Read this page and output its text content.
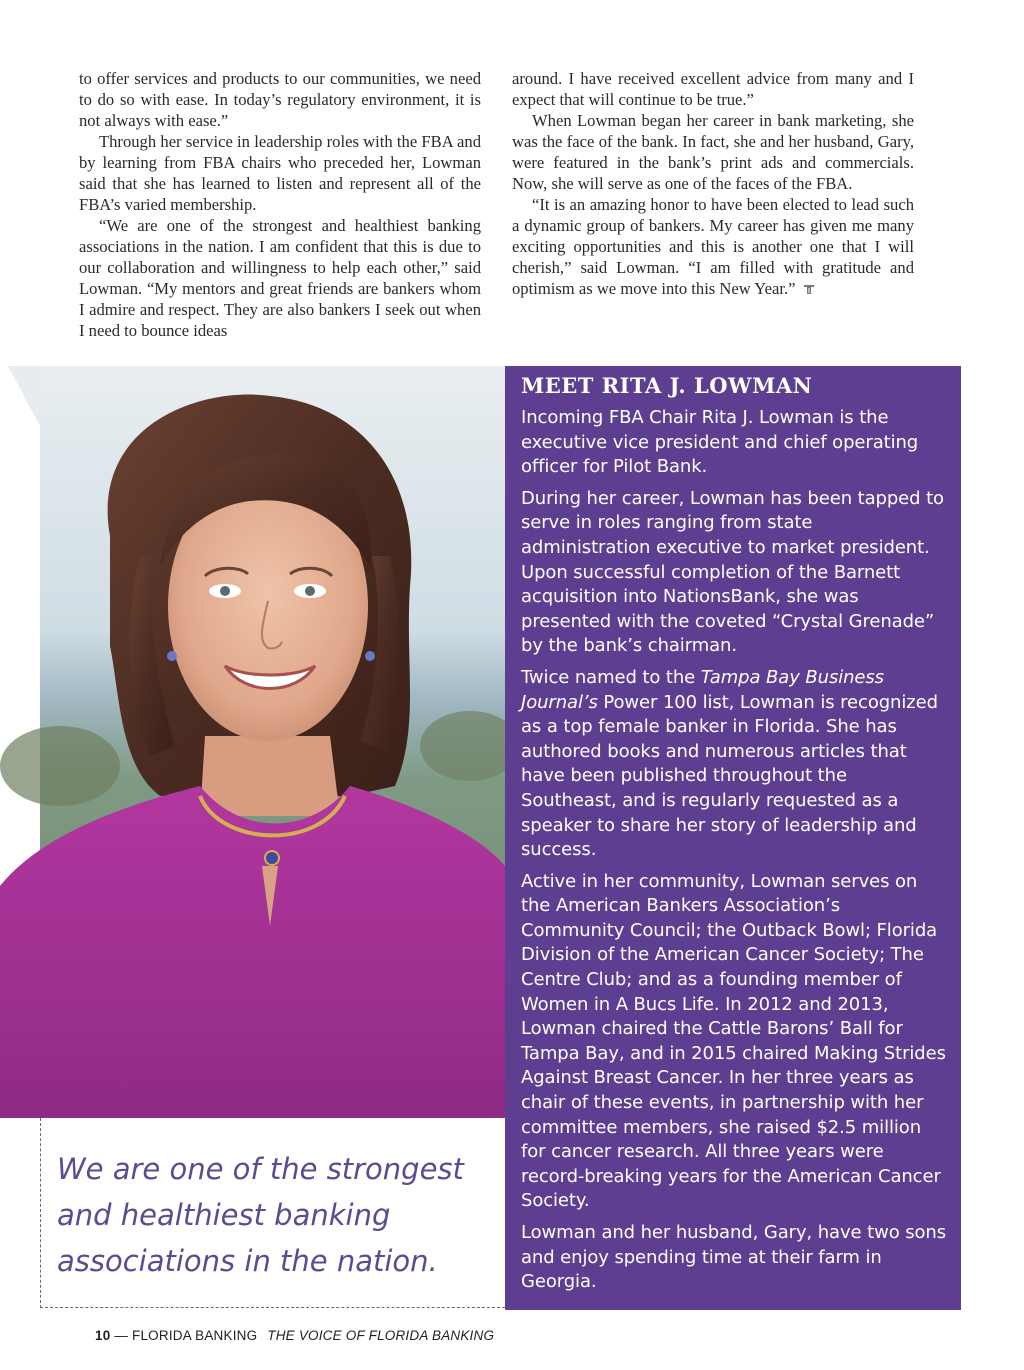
to offer services and products to our communities, we need to do so with ease. In today’s regulatory environment, it is not always with ease.”

Through her service in leadership roles with the FBA and by learning from FBA chairs who preceded her, Lowman said that she has learned to listen and represent all of the FBA’s varied membership.

“We are one of the strongest and healthiest banking associations in the nation. I am confident that this is due to our collaboration and willingness to help each other,” said Lowman. “My mentors and great friends are bankers whom I admire and respect. They are also bankers I seek out when I need to bounce ideas

around. I have received excellent advice from many and I expect that will continue to be true.”

When Lowman began her career in bank marketing, she was the face of the bank. In fact, she and her husband, Gary, were featured in the bank’s print ads and commercials. Now, she will serve as one of the faces of the FBA.

“It is an amazing honor to have been elected to lead such a dynamic group of bankers. My career has given me many exciting opportunities and this is another one that I will cherish,” said Lowman. “I am filled with gratitude and optimism as we move into this New Year.”

MEET RITA J. LOWMAN

Incoming FBA Chair Rita J. Lowman is the executive vice president and chief operating officer for Pilot Bank.

During her career, Lowman has been tapped to serve in roles ranging from state administration executive to market president. Upon successful completion of the Barnett acquisition into NationsBank, she was presented with the coveted “Crystal Grenade” by the bank’s chairman.

Twice named to the Tampa Bay Business Journal’s Power 100 list, Lowman is recognized as a top female banker in Florida. She has authored books and numerous articles that have been published throughout the Southeast, and is regularly requested as a speaker to share her story of leadership and success.

Active in her community, Lowman serves on the American Bankers Association’s Community Council; the Outback Bowl; Florida Division of the American Cancer Society; The Centre Club; and as a founding member of Women in A Bucs Life. In 2012 and 2013, Lowman chaired the Cattle Barons’ Ball for Tampa Bay, and in 2015 chaired Making Strides Against Breast Cancer. In her three years as chair of these events, in partnership with her committee members, she raised $2.5 million for cancer research. All three years were record-breaking years for the American Cancer Society.

Lowman and her husband, Gary, have two sons and enjoy spending time at their farm in Georgia.

We are one of the strongest and healthiest banking associations in the nation.

10 — FLORIDA BANKING THE VOICE OF FLORIDA BANKING
